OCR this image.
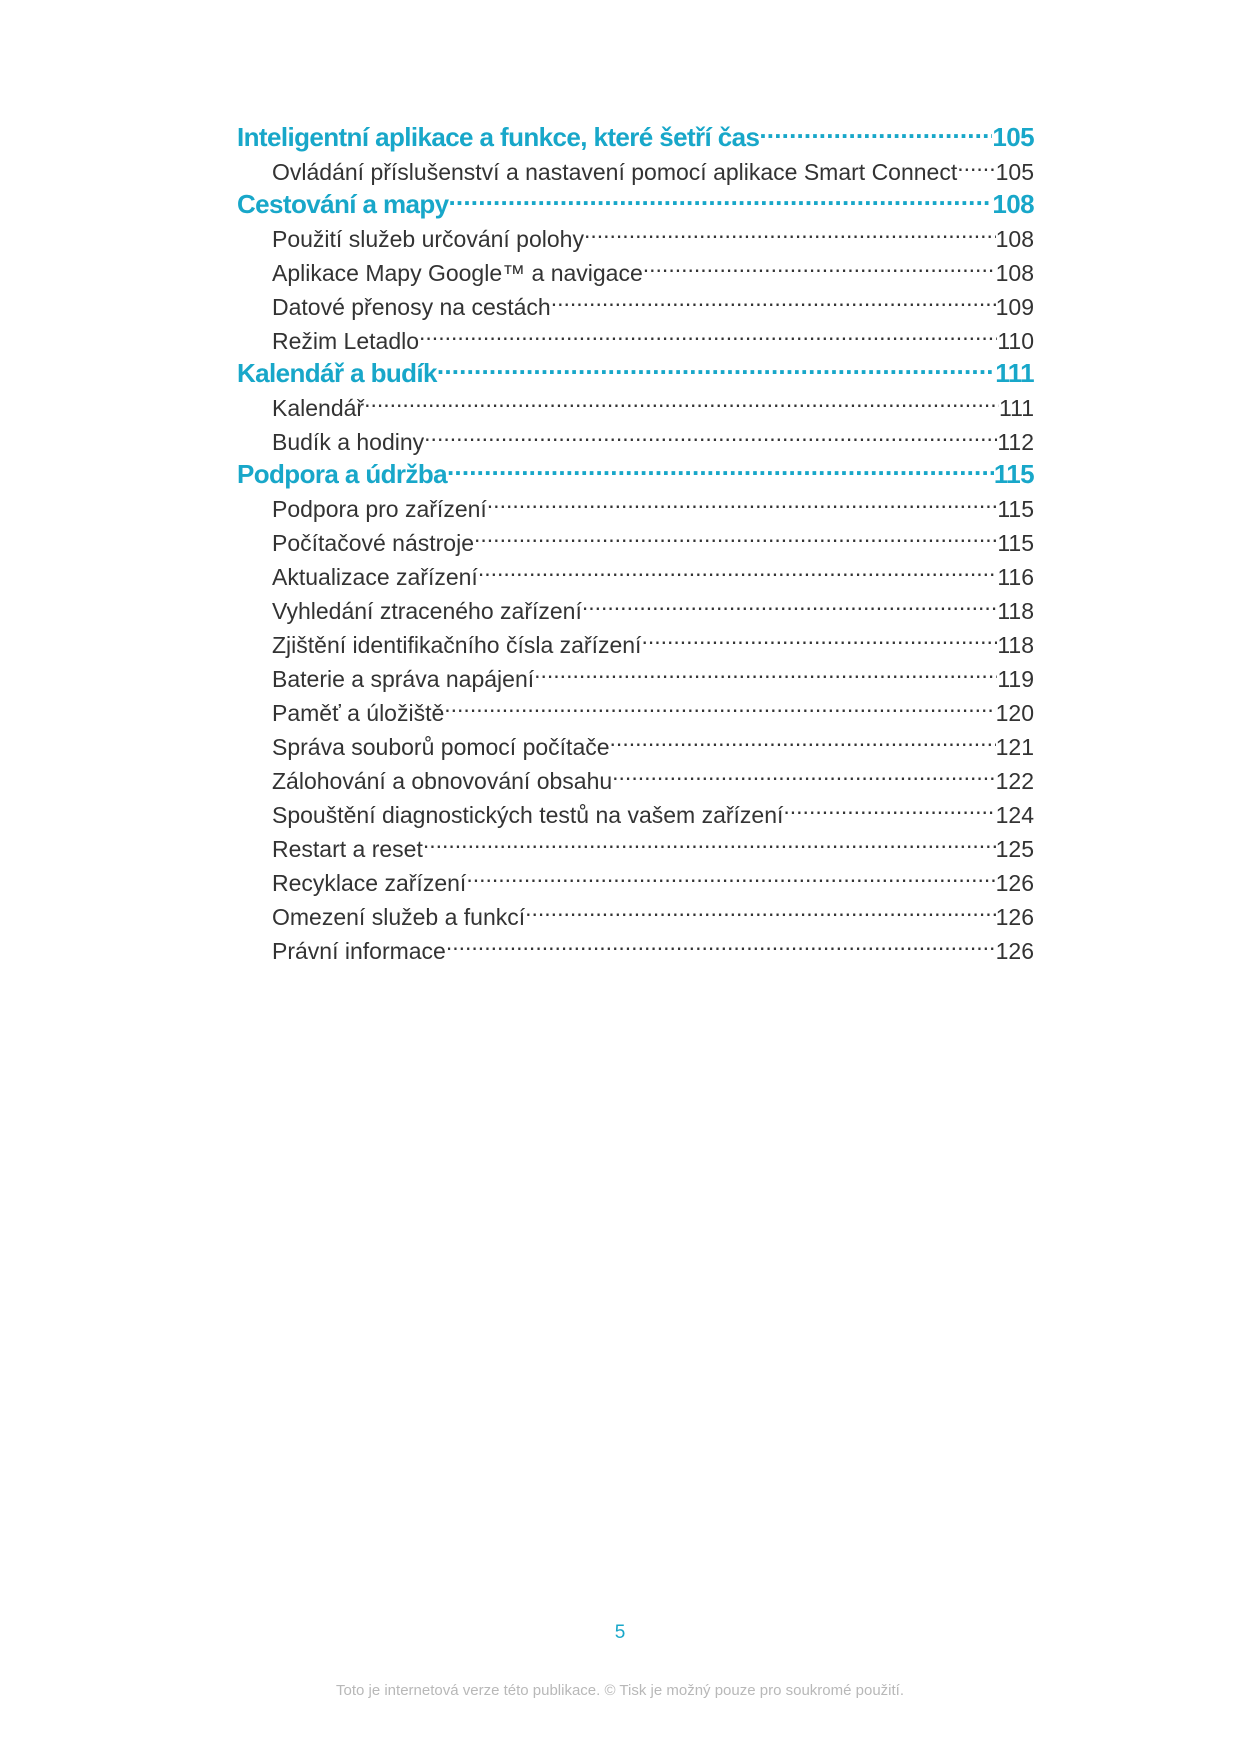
Inteligentní aplikace a funkce, které šetří čas .....	105
Ovládání příslušenství a nastavení pomocí aplikace Smart Connect ..... 105
Cestování a mapy .....	108
Použití služeb určování polohy .....	108
Aplikace Mapy Google™ a navigace .....	108
Datové přenosy na cestách .....	109
Režim Letadlo .....	110
Kalendář a budík .....	111
Kalendář .....	111
Budík a hodiny .....	112
Podpora a údržba .....	115
Podpora pro zařízení .....	115
Počítačové nástroje .....	115
Aktualizace zařízení .....	116
Vyhledání ztraceného zařízení .....	118
Zjištění identifikačního čísla zařízení .....	118
Baterie a správa napájení .....	119
Paměť a úložiště .....	120
Správa souborů pomocí počítače .....	121
Zálohování a obnovování obsahu .....	122
Spouštění diagnostických testů na vašem zařízení .....	124
Restart a reset .....	125
Recyklace zařízení .....	126
Omezení služeb a funkcí .....	126
Právní informace .....	126
5
Toto je internetová verze této publikace. © Tisk je možný pouze pro soukromé použití.
